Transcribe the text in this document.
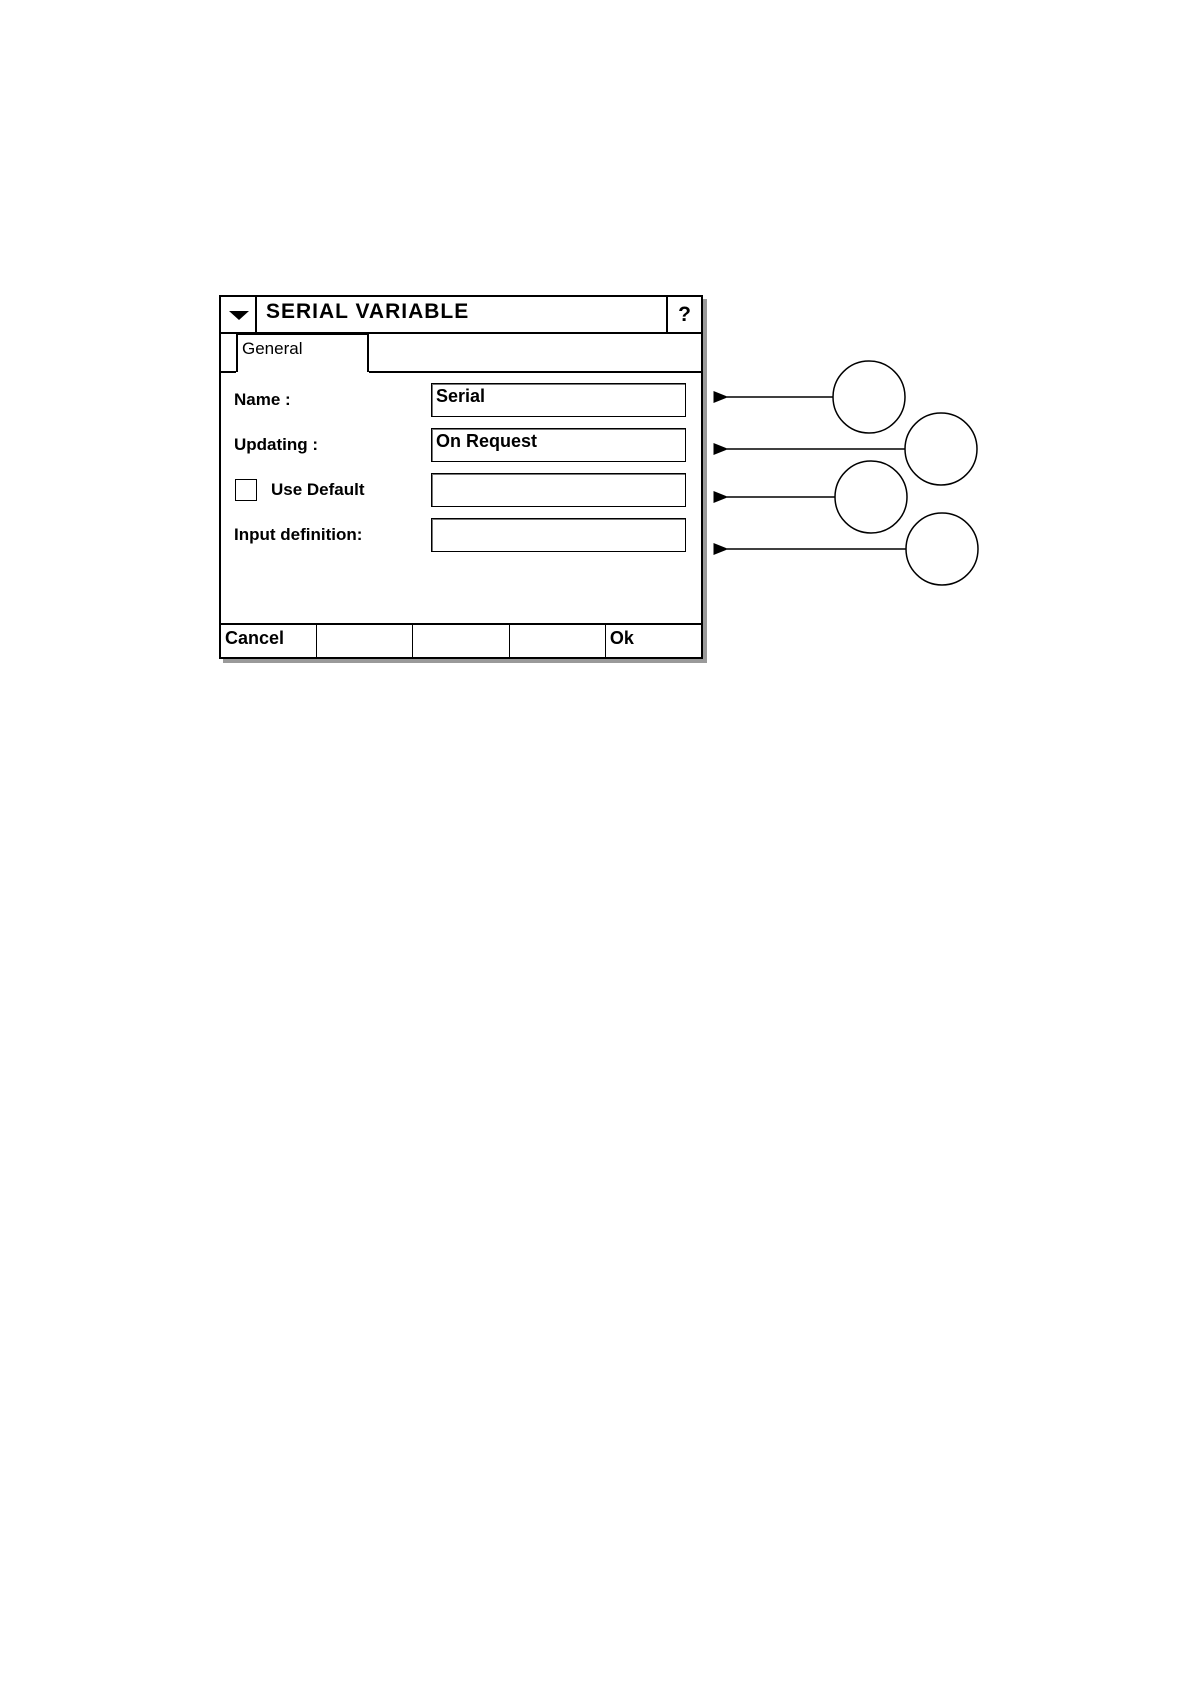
SERIAL VARIABLE	?
General
Name :	Serial
Updating :	On Request
Use Default
Input definition:
Cancel	Ok
